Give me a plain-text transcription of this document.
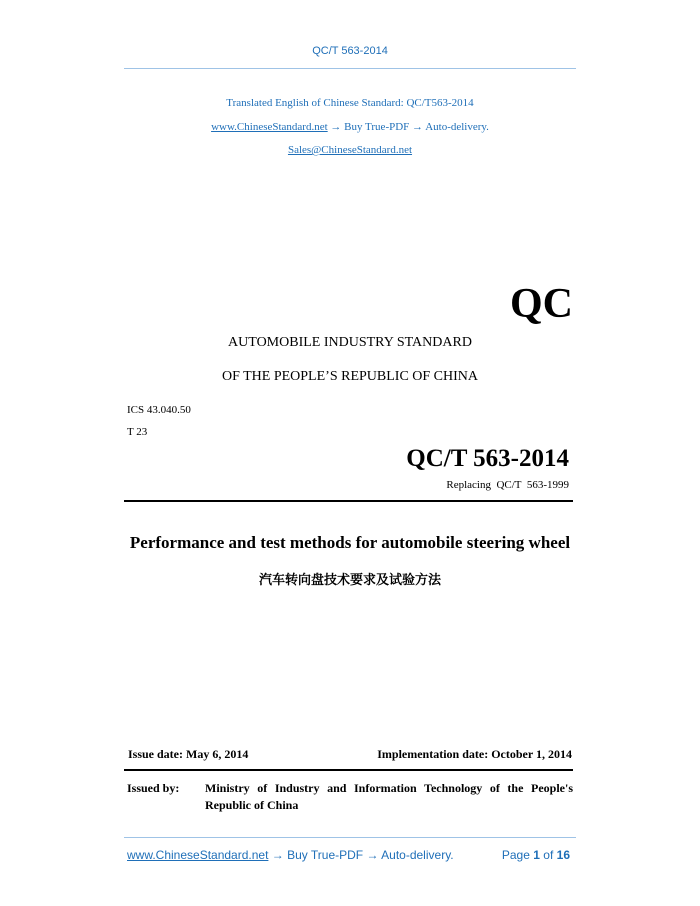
QC/T 563-2014
Translated English of Chinese Standard: QC/T563-2014
www.ChineseStandard.net → Buy True-PDF → Auto-delivery.
Sales@ChineseStandard.net
QC
AUTOMOBILE INDUSTRY STANDARD
OF THE PEOPLE’S REPUBLIC OF CHINA
ICS 43.040.50
T 23
QC/T 563-2014
Replacing  QC/T  563-1999
Performance and test methods for automobile steering wheel
汽车转向盘技术要求及试验方法
Issue date: May 6, 2014	Implementation date: October 1, 2014
Issued by:	Ministry of Industry and Information Technology of the People's
Republic of China
www.ChineseStandard.net → Buy True-PDF → Auto-delivery.	Page 1 of 16
